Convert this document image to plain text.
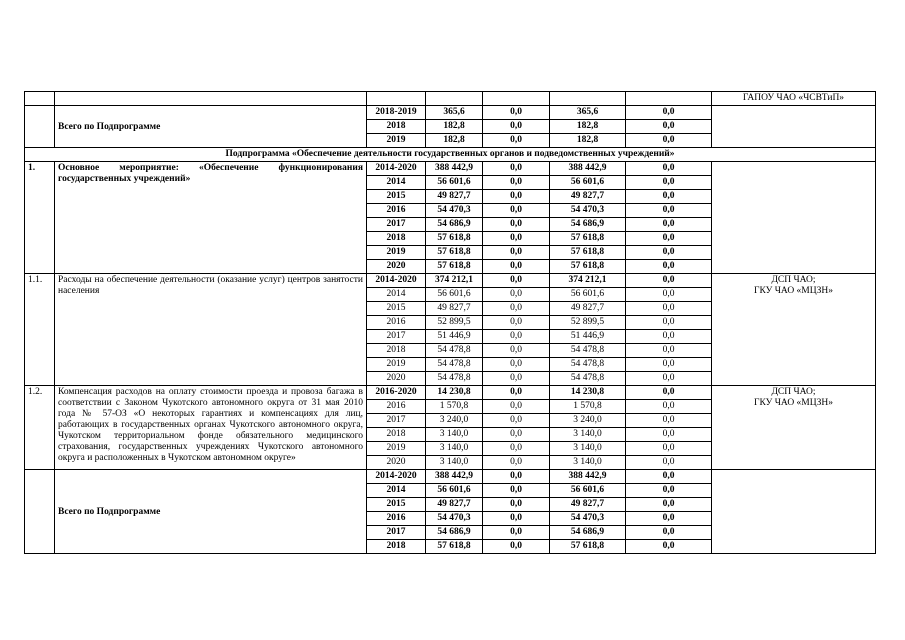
							ГАПОУ ЧАО «ЧСВТиП»
	Всего по Подпрограмме	2018-2019	365,6	0,0	365,6	0,0	
		2018	182,8	0,0	182,8	0,0	
		2019	182,8	0,0	182,8	0,0	
Подпрограмма «Обеспечение деятельности государственных органов и подведомственных учреждений»							
1.	Основное мероприятие: «Обеспечение функционирования государственных учреждений»	2014-2020	388 442,9	0,0	388 442,9	0,0	
		2014	56 601,6	0,0	56 601,6	0,0	
		2015	49 827,7	0,0	49 827,7	0,0	
		2016	54 470,3	0,0	54 470,3	0,0	
		2017	54 686,9	0,0	54 686,9	0,0	
		2018	57 618,8	0,0	57 618,8	0,0	
		2019	57 618,8	0,0	57 618,8	0,0	
		2020	57 618,8	0,0	57 618,8	0,0	
1.1.	Расходы на обеспечение деятельности (оказание услуг) центров занятости населения	2014-2020	374 212,1	0,0	374 212,1	0,0	ДСП ЧАО;
ГКУ ЧАО «МЦЗН»
		2014	56 601,6	0,0	56 601,6	0,0	
		2015	49 827,7	0,0	49 827,7	0,0	
		2016	52 899,5	0,0	52 899,5	0,0	
		2017	51 446,9	0,0	51 446,9	0,0	
		2018	54 478,8	0,0	54 478,8	0,0	
		2019	54 478,8	0,0	54 478,8	0,0	
		2020	54 478,8	0,0	54 478,8	0,0	
1.2.	Компенсация расходов на оплату стоимости проезда и провоза багажа в соответствии с Законом Чукотского автономного округа от 31 мая 2010 года № 57-ОЗ «О некоторых гарантиях и компенсациях для лиц, работающих в государственных органах Чукотского автономного округа, Чукотском территориальном фонде обязательного медицинского страхования, государственных учреждениях Чукотского автономного округа и расположенных в Чукотском автономном округе»	2016-2020	14 230,8	0,0	14 230,8	0,0	ДСП ЧАО;
ГКУ ЧАО «МЦЗН»
		2016	1 570,8	0,0	1 570,8	0,0	
		2017	3 240,0	0,0	3 240,0	0,0	
		2018	3 140,0	0,0	3 140,0	0,0	
		2019	3 140,0	0,0	3 140,0	0,0	
		2020	3 140,0	0,0	3 140,0	0,0	
	Всего по Подпрограмме	2014-2020	388 442,9	0,0	388 442,9	0,0	
		2014	56 601,6	0,0	56 601,6	0,0	
		2015	49 827,7	0,0	49 827,7	0,0	
		2016	54 470,3	0,0	54 470,3	0,0	
		2017	54 686,9	0,0	54 686,9	0,0	
		2018	57 618,8	0,0	57 618,8	0,0	
